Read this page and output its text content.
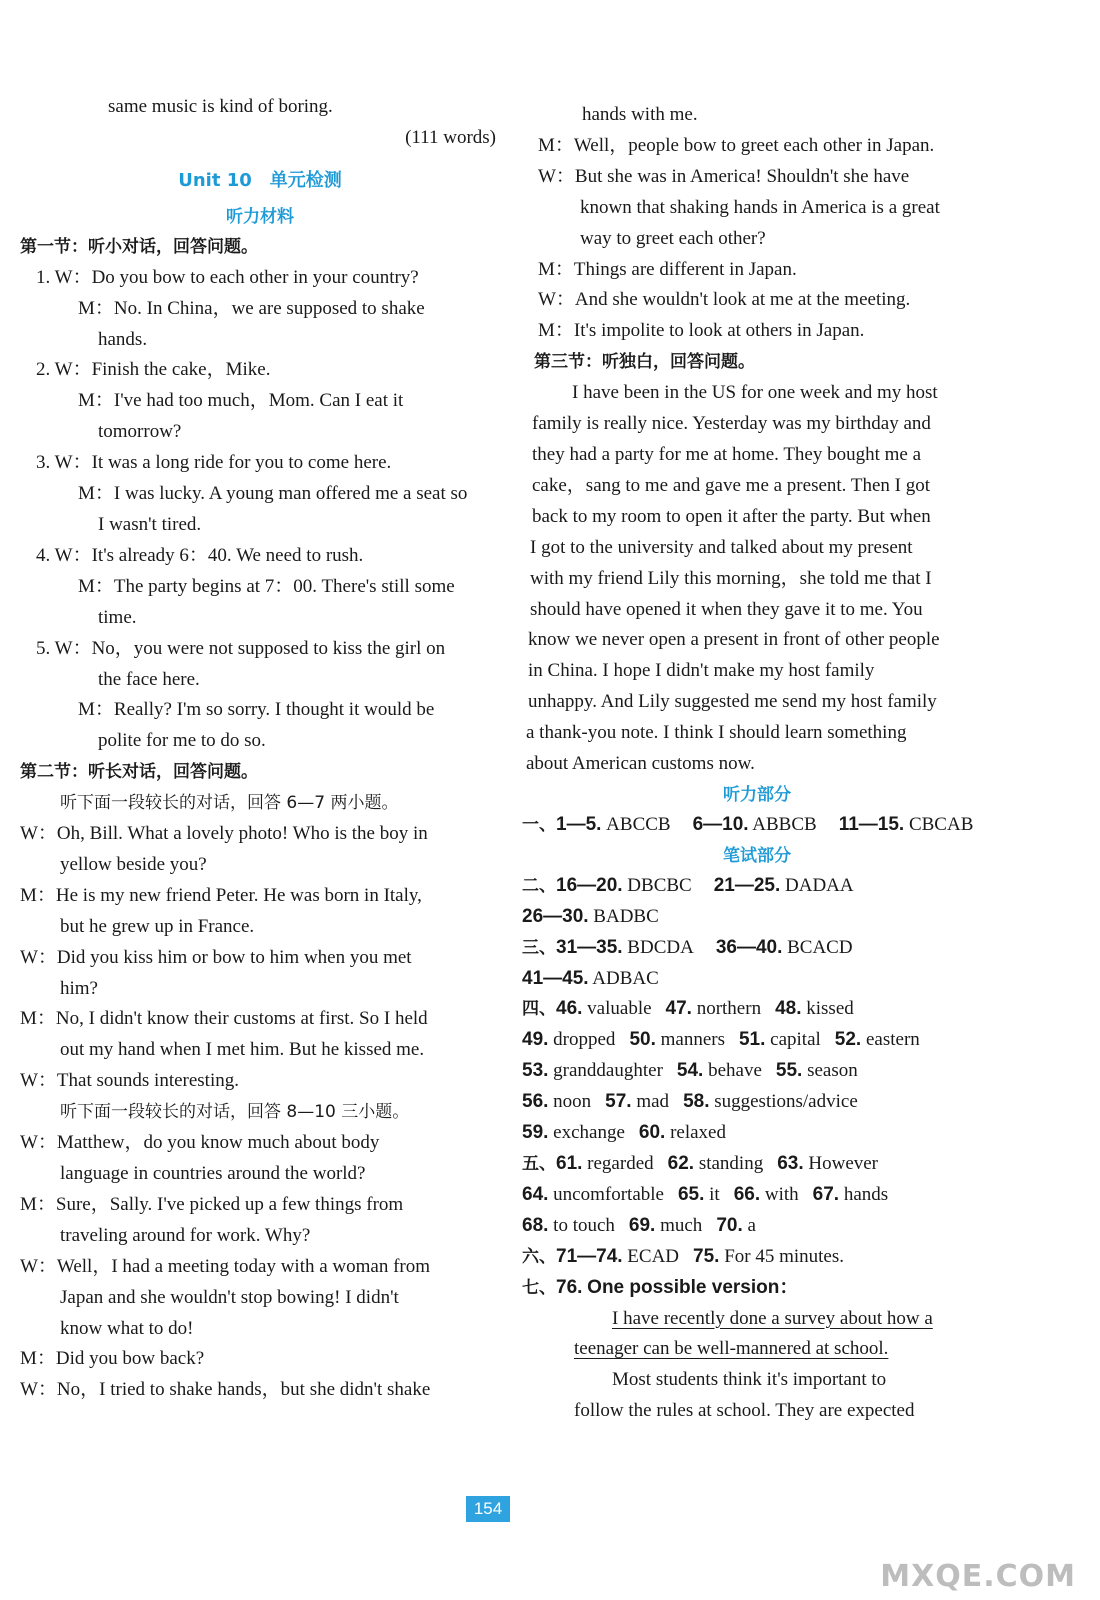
same music is kind of boring.
(111 words)
Unit 10　单元检测
听力材料
第一节：听小对话，回答问题。
1. W：Do you bow to each other in your country?
M：No. In China，we are supposed to shake
hands.
2. W：Finish the cake，Mike.
M：I've had too much，Mom. Can I eat it
tomorrow?
3. W：It was a long ride for you to come here.
M：I was lucky. A young man offered me a seat so
I wasn't tired.
4. W：It's already 6：40. We need to rush.
M：The party begins at 7：00. There's still some
time.
5. W：No，you were not supposed to kiss the girl on
the face here.
M：Really? I'm so sorry. I thought it would be
polite for me to do so.
第二节：听长对话，回答问题。
听下面一段较长的对话，回答 6—7 两小题。
W：Oh, Bill. What a lovely photo! Who is the boy in
yellow beside you?
M：He is my new friend Peter. He was born in Italy,
but he grew up in France.
W：Did you kiss him or bow to him when you met
him?
M：No, I didn't know their customs at first. So I held
out my hand when I met him. But he kissed me.
W：That sounds interesting.
听下面一段较长的对话，回答 8—10 三小题。
W：Matthew，do you know much about body
language in countries around the world?
M：Sure，Sally. I've picked up a few things from
traveling around for work. Why?
W：Well，I had a meeting today with a woman from
Japan and she wouldn't stop bowing! I didn't
know what to do!
M：Did you bow back?
W：No，I tried to shake hands，but she didn't shake
hands with me.
M：Well，people bow to greet each other in Japan.
W：But she was in America! Shouldn't she have
known that shaking hands in America is a great
way to greet each other?
M：Things are different in Japan.
W：And she wouldn't look at me at the meeting.
M：It's impolite to look at others in Japan.
第三节：听独白，回答问题。
I have been in the US for one week and my host
family is really nice. Yesterday was my birthday and
they had a party for me at home. They bought me a
cake，sang to me and gave me a present. Then I got
back to my room to open it after the party. But when
I got to the university and talked about my present
with my friend Lily this morning，she told me that I
should have opened it when they gave it to me. You
know we never open a present in front of other people
in China. I hope I didn't make my host family
unhappy. And Lily suggested me send my host family
a thank-you note. I think I should learn something
about American customs now.
听力部分
一、1—5. ABCCB 6—10. ABBCB 11—15. CBCAB
笔试部分
二、16—20. DBCBC 21—25. DADAA
26—30. BADBC
三、31—35. BDCDA 36—40. BCACD
41—45. ADBAC
四、46. valuable 47. northern 48. kissed
49. dropped 50. manners 51. capital 52. eastern
53. granddaughter 54. behave 55. season
56. noon 57. mad 58. suggestions/advice
59. exchange 60. relaxed
五、61. regarded 62. standing 63. However
64. uncomfortable 65. it 66. with 67. hands
68. to touch 69. much 70. a
六、71—74. ECAD 75. For 45 minutes.
七、76. One possible version：
I have recently done a survey about how a
teenager can be well-mannered at school.
Most students think it's important to
follow the rules at school. They are expected
154
MXQE.COM
